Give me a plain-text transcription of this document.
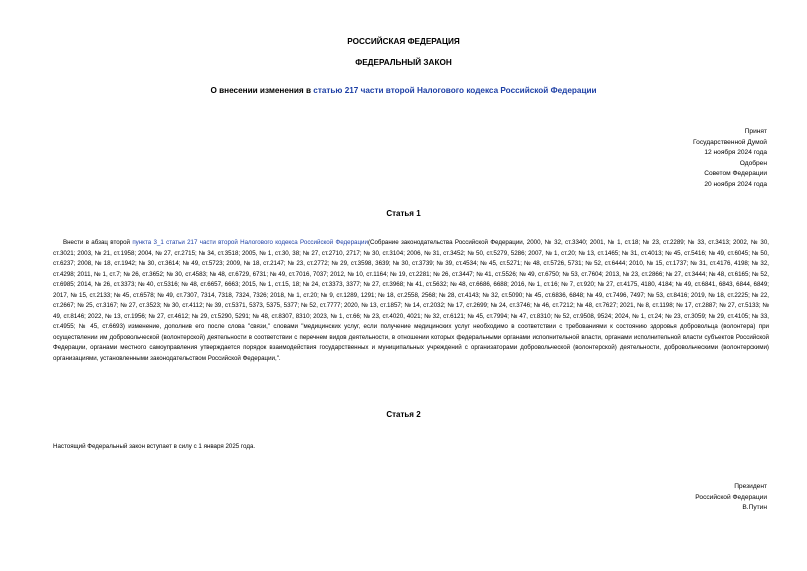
РОССИЙСКАЯ ФЕДЕРАЦИЯ
ФЕДЕРАЛЬНЫЙ ЗАКОН
О внесении изменения в статью 217 части второй Налогового кодекса Российской Федерации
Принят
Государственной Думой
12 ноября 2024 года
Одобрен
Советом Федерации
20 ноября 2024 года
Статья 1
Внести в абзац второй пункта 3_1 статьи 217 части второй Налогового кодекса Российской Федерации(Собрание законодательства Российской Федерации, 2000, № 32, ст.3340; 2001, № 1, ст.18; № 23, ст.2289; № 33, ст.3413; 2002, № 30, ст.3021; 2003, № 21, ст.1958; 2004, № 27, ст.2715; № 34, ст.3518; 2005, № 1, ст.30, 38; № 27, ст.2710, 2717; № 30, ст.3104; 2006, № 31, ст.3452; № 50, ст.5279, 5286; 2007, № 1, ст.20; № 13, ст.1465; № 31, ст.4013; № 45, ст.5416; № 49, ст.6045; № 50, ст.6237; 2008, № 18, ст.1942; № 30, ст.3614; № 49, ст.5723; 2009, № 18, ст.2147; № 23, ст.2772; № 29, ст.3598, 3639; № 30, ст.3739; № 39, ст.4534; № 45, ст.5271; № 48, ст.5726, 5731; № 52, ст.6444; 2010, № 15, ст.1737; № 31, ст.4176, 4198; № 32, ст.4298; 2011, № 1, ст.7; № 26, ст.3652; № 30, ст.4583; № 48, ст.6729, 6731; № 49, ст.7016, 7037; 2012, № 10, ст.1164; № 19, ст.2281; № 26, ст.3447; № 41, ст.5526; № 49, ст.6750; № 53, ст.7604; 2013, № 23, ст.2866; № 27, ст.3444; № 48, ст.6165; № 52, ст.6985; 2014, № 26, ст.3373; № 40, ст.5316; № 48, ст.6657, 6663; 2015, № 1, ст.15, 18; № 24, ст.3373, 3377; № 27, ст.3968; № 41, ст.5632; № 48, ст.6686, 6688; 2016, № 1, ст.16; № 7, ст.920; № 27, ст.4175, 4180, 4184; № 49, ст.6841, 6843, 6844, 6849; 2017, № 15, ст.2133; № 45, ст.6578; № 49, ст.7307, 7314, 7318, 7324, 7326; 2018, № 1, ст.20; № 9, ст.1289, 1291; № 18, ст.2558, 2568; № 28, ст.4143; № 32, ст.5090; № 45, ст.6836, 6848; № 49, ст.7496, 7497; № 53, ст.8416; 2019, № 18, ст.2225; № 22, ст.2667; № 25, ст.3167; № 27, ст.3523; № 30, ст.4112; № 39, ст.5371, 5373, 5375, 5377; № 52, ст.7777; 2020, № 13, ст.1857; № 14, ст.2032; № 17, ст.2699; № 24, ст.3746; № 46, ст.7212; № 48, ст.7627; 2021, № 8, ст.1198; № 17, ст.2887; № 27, ст.5133; № 49, ст.8146; 2022, № 13, ст.1956; № 27, ст.4612; № 29, ст.5290, 5291; № 48, ст.8307, 8310; 2023, № 1, ст.66; № 23, ст.4020, 4021; № 32, ст.6121; № 45, ст.7994; № 47, ст.8310; № 52, ст.9508, 9524; 2024, № 1, ст.24; № 23, ст.3059; № 29, ст.4105; № 33, ст.4955; № 45, ст.6693) изменение, дополнив его после слова "связи," словами "медицинских услуг, если получение медицинских услуг необходимо в соответствии с требованиями к состоянию здоровья добровольца (волонтера) при осуществлении им добровольческой (волонтерской) деятельности в соответствии с перечнем видов деятельности, в отношении которых федеральными органами исполнительной власти, органами исполнительной власти субъектов Российской Федерации, органами местного самоуправления утверждается порядок взаимодействия государственных и муниципальных учреждений с организаторами добровольческой (волонтерской) деятельности, добровольческими (волонтерскими) организациями, установленными законодательством Российской Федерации,".
Статья 2
Настоящий Федеральный закон вступает в силу с 1 января 2025 года.
Президент
Российской Федерации
В.Путин
